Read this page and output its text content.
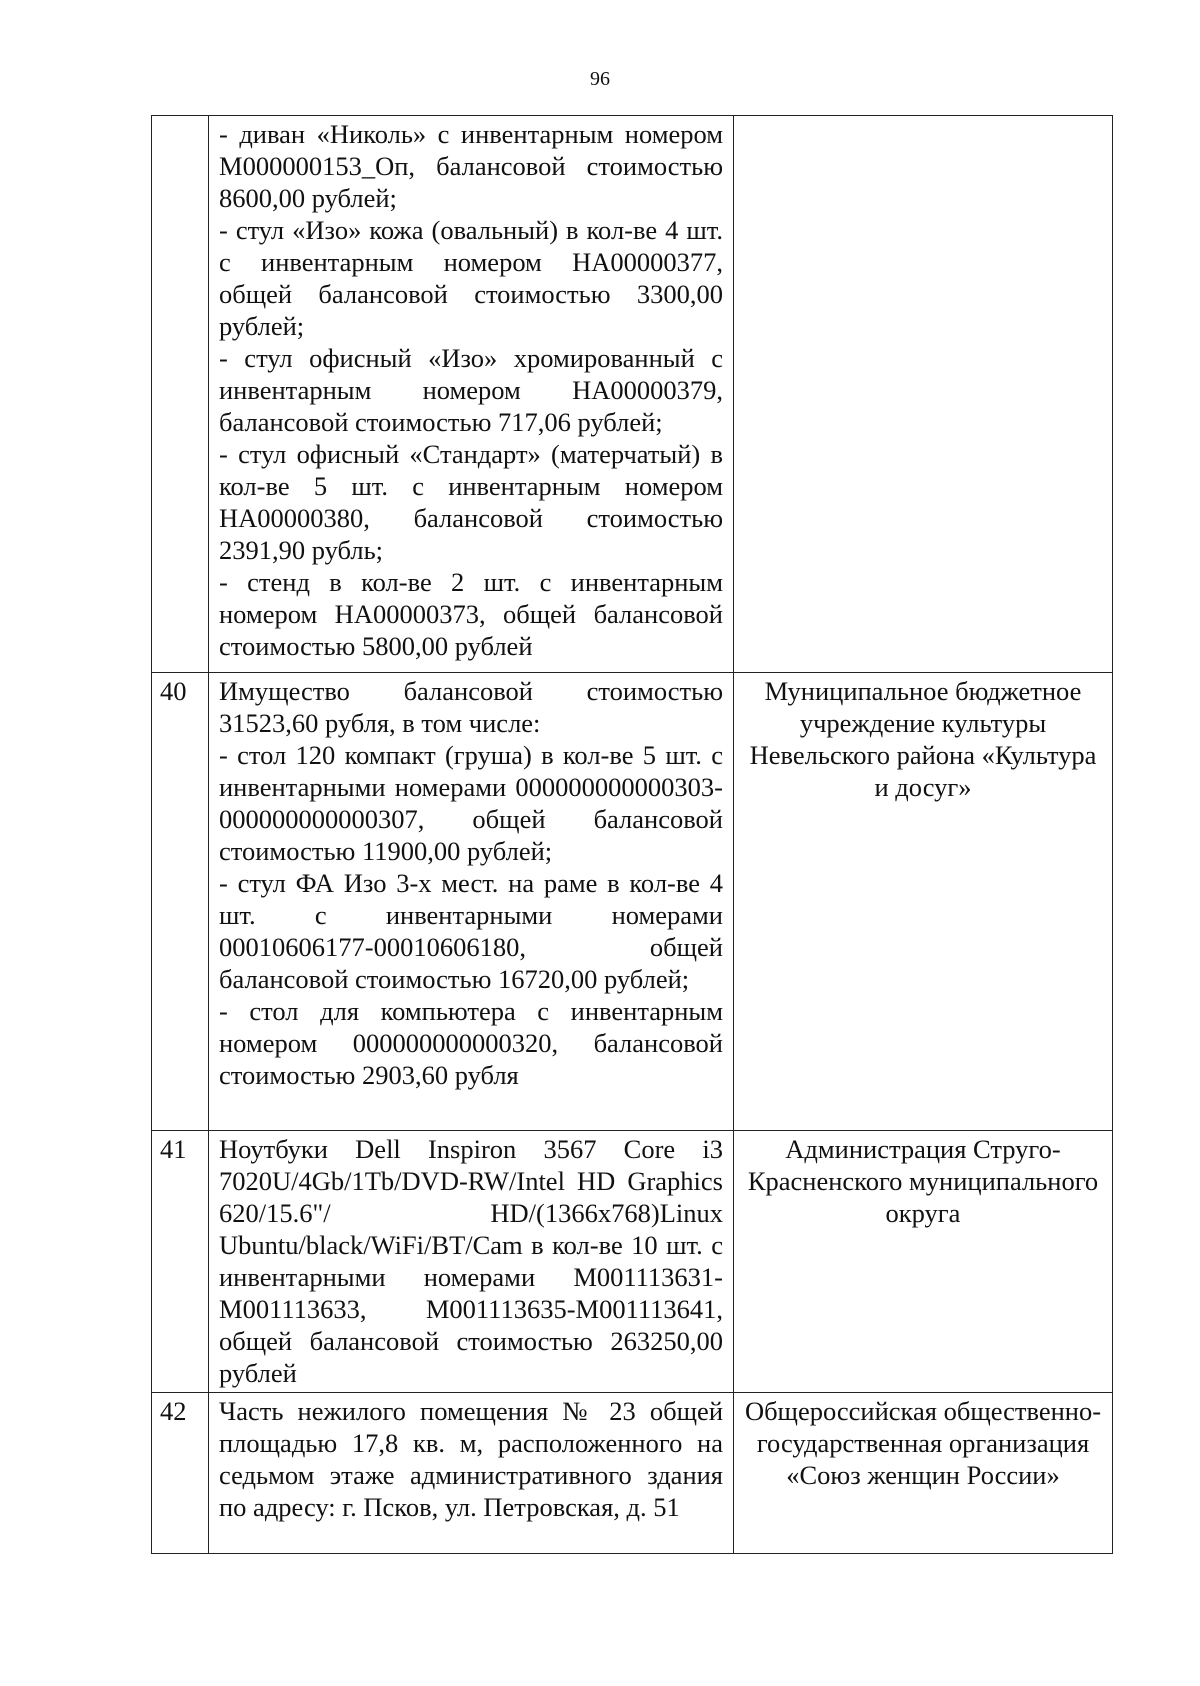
96

	- диван «Николь» с инвентарным номером М000000153_Оп, балансовой стоимостью 8600,00 рублей;

- стул «Изо» кожа (овальный) в кол-ве 4 шт. с инвентарным номером НА00000377, общей балансовой стоимостью 3300,00 рублей;

- стул офисный «Изо» хромированный с инвентарным номером НА00000379, балансовой стоимостью 717,06 рублей;

- стул офисный «Стандарт» (матерчатый) в кол-ве 5 шт. с инвентарным номером НА00000380, балансовой стоимостью 2391,90 рубль;

- стенд в кол-ве 2 шт. с инвентарным номером НА00000373, общей балансовой стоимостью 5800,00 рублей	

40	Имущество балансовой стоимостью 31523,60 рубля, в том числе:

- стол 120 компакт (груша) в кол-ве 5 шт. с инвентарными номерами 000000000000303-000000000000307, общей балансовой стоимостью 11900,00 рублей;

- стул ФА Изо 3-х мест. на раме в кол-ве 4 шт. с инвентарными номерами 00010606177-00010606180, общей балансовой стоимостью 16720,00 рублей;

- стол для компьютера с инвентарным номером 000000000000320, балансовой стоимостью 2903,60 рубля	Муниципальное бюджетное учреждение культуры Невельского района «Культура и досуг»
41	Ноутбуки Dell Inspiron 3567 Core i3 7020U/4Gb/1Tb/DVD-RW/Intel HD Graphics 620/15.6"/ HD/(1366x768)Linux Ubuntu/black/WiFi/BT/Cam в кол-ве 10 шт. с инвентарными номерами M001113631-M001113633, M001113635-M001113641, общей балансовой стоимостью 263250,00 рублей	Администрация Струго-Красненского муниципального округа
42	Часть нежилого помещения № 23 общей площадью 17,8 кв. м, расположенного на седьмом этаже административного здания по адресу: г. Псков, ул. Петровская, д. 51	Общероссийская общественно-государственная организация «Союз женщин России»
